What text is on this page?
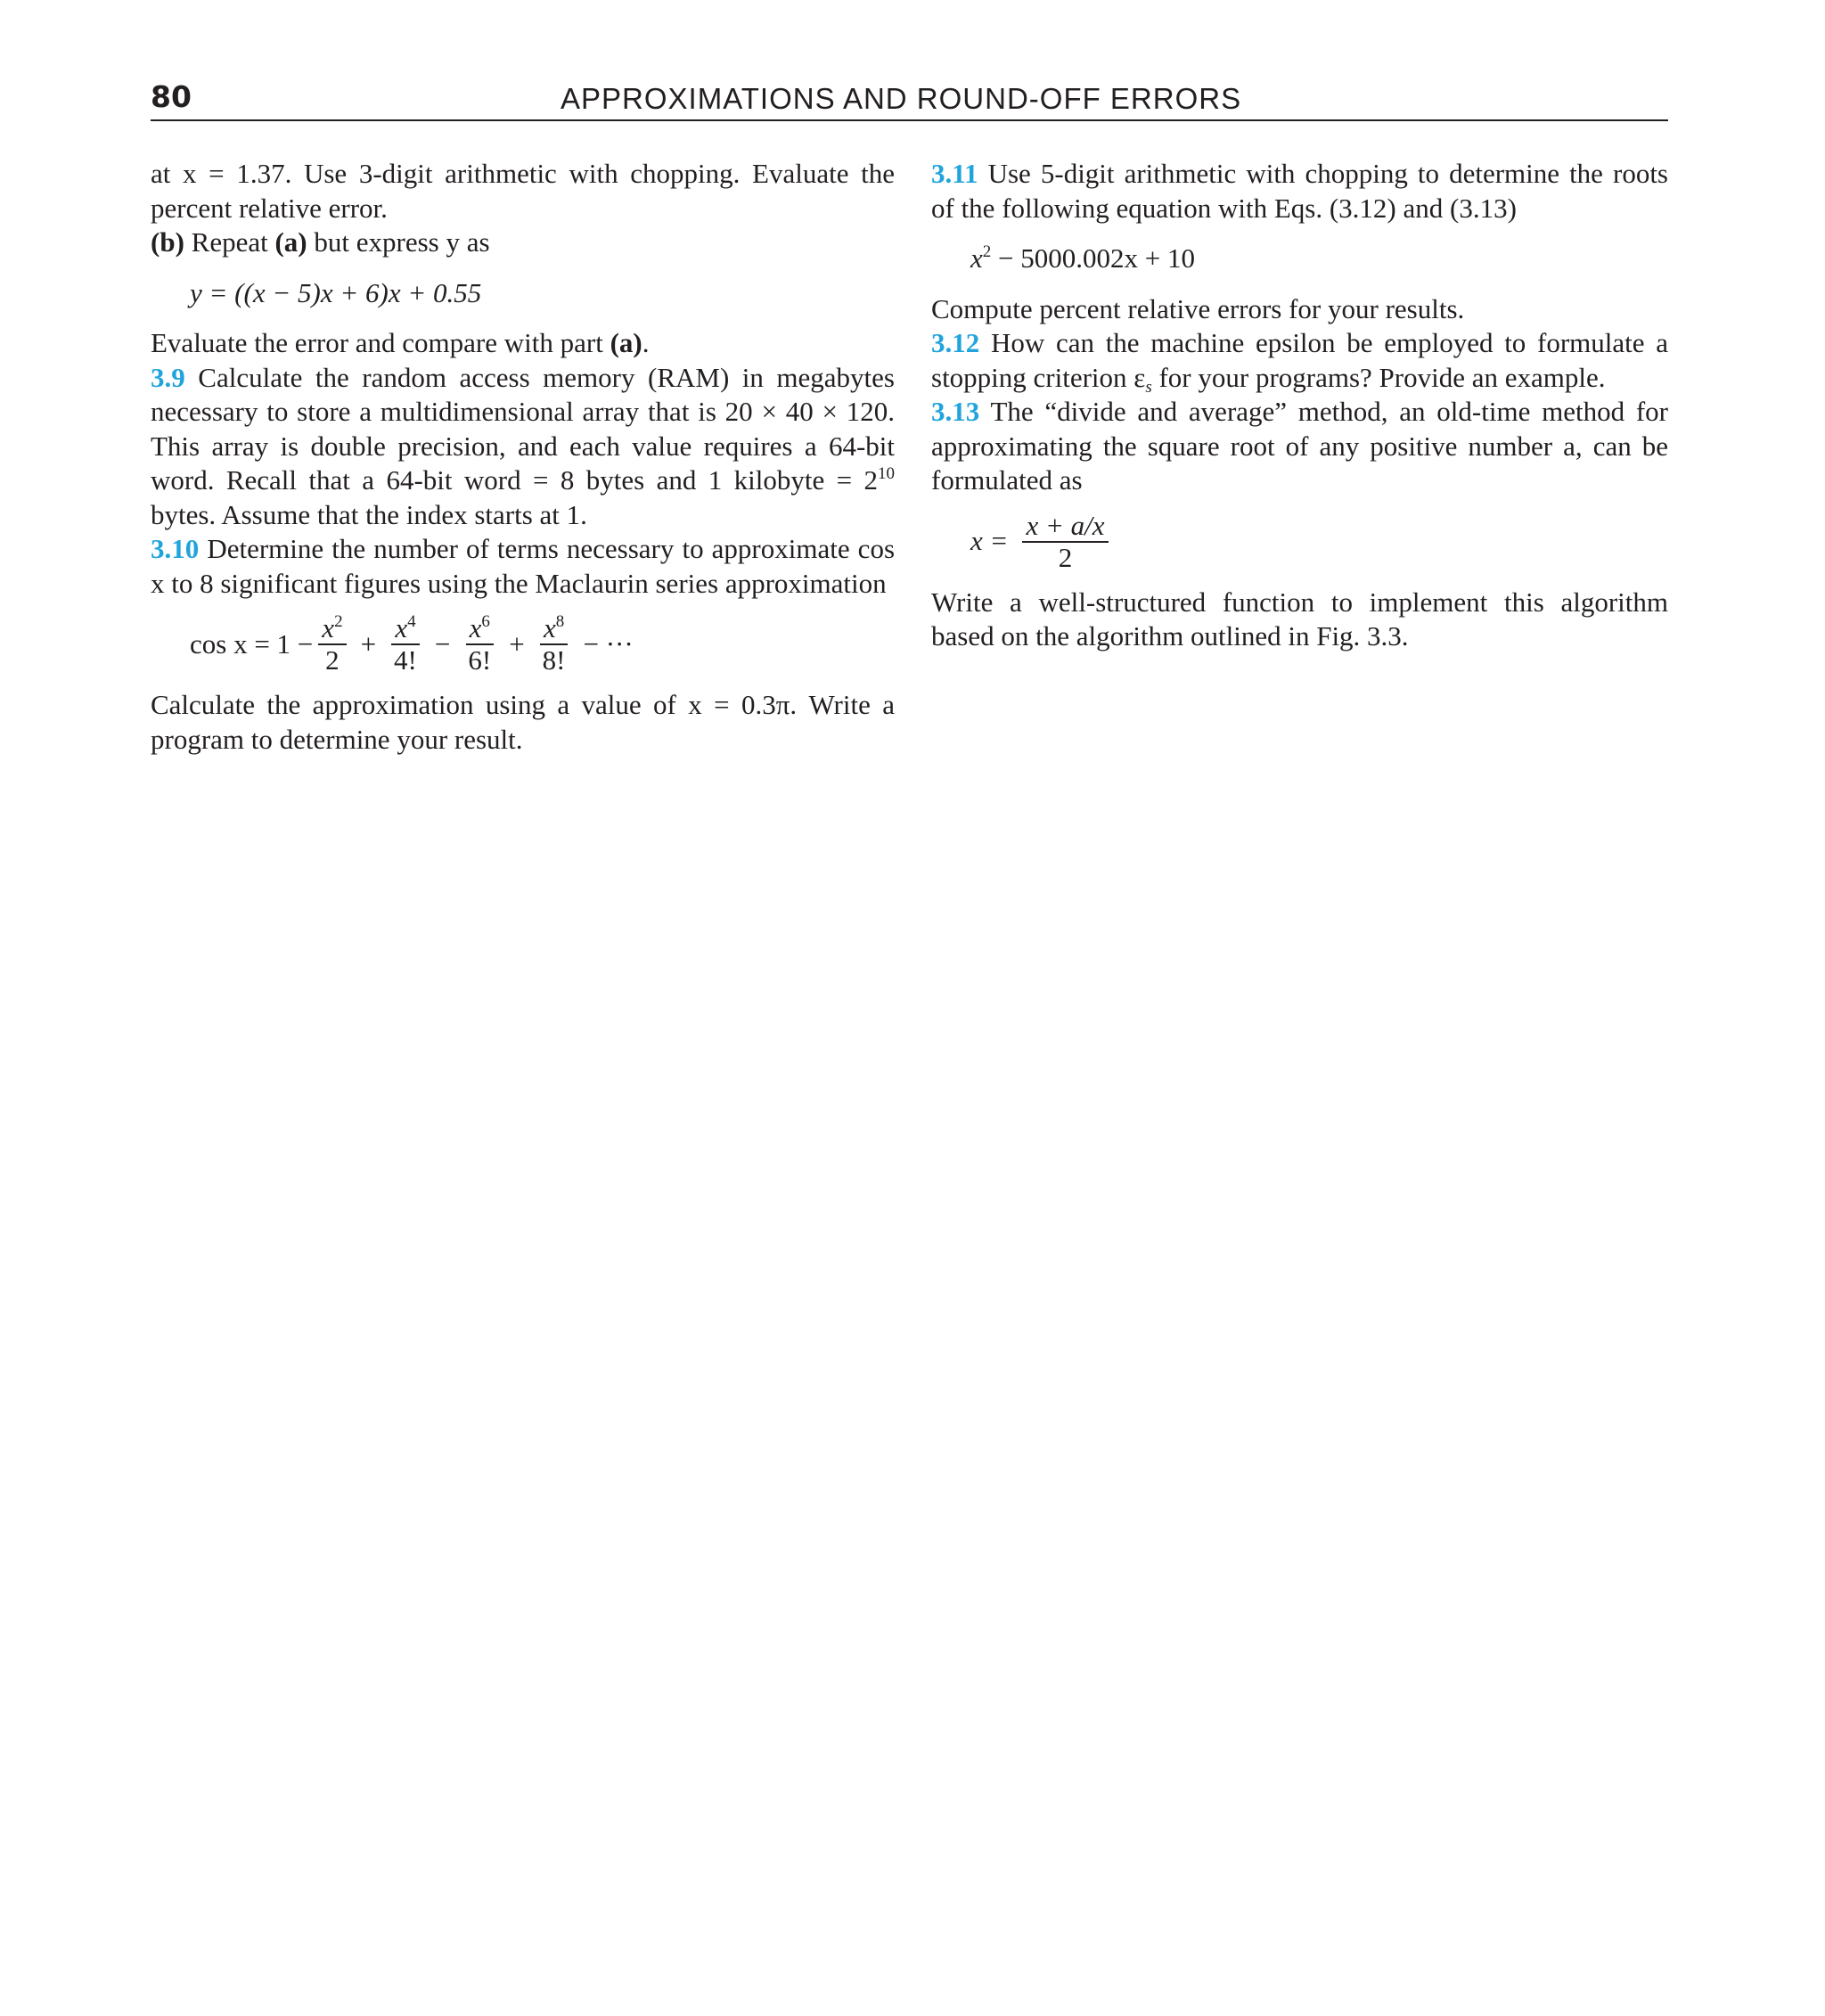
80	APPROXIMATIONS AND ROUND-OFF ERRORS

at x = 1.37. Use 3-digit arithmetic with chopping. Evaluate the percent relative error.

(b) Repeat (a) but express y as

y = ((x − 5)x + 6)x + 0.55

Evaluate the error and compare with part (a).

3.9 Calculate the random access memory (RAM) in megabytes necessary to store a multidimensional array that is 20 × 40 × 120. This array is double precision, and each value requires a 64-bit word. Recall that a 64-bit word = 8 bytes and 1 kilobyte = $2^{10}$ bytes. Assume that the index starts at 1.

3.10 Determine the number of terms necessary to approximate cos x to 8 significant figures using the Maclaurin series approximation

$\cos x = 1 - \frac{x^2}{2} + \frac{x^4}{4!} - \frac{x^6}{6!} + \frac{x^8}{8!}$ − ···

Calculate the approximation using a value of x = 0.3π. Write a program to determine your result.

3.11 Use 5-digit arithmetic with chopping to determine the roots of the following equation with Eqs. (3.12) and (3.13)

$x^2 - 5000.002x + 10$

Compute percent relative errors for your results.

3.12 How can the machine epsilon be employed to formulate a stopping criterion $\varepsilon_s$ for your programs? Provide an example.

3.13 The “divide and average” method, an old-time method for approximating the square root of any positive number a, can be formulated as

$x = \frac{x + a/x}{2}$

Write a well-structured function to implement this algorithm based on the algorithm outlined in Fig. 3.3.
